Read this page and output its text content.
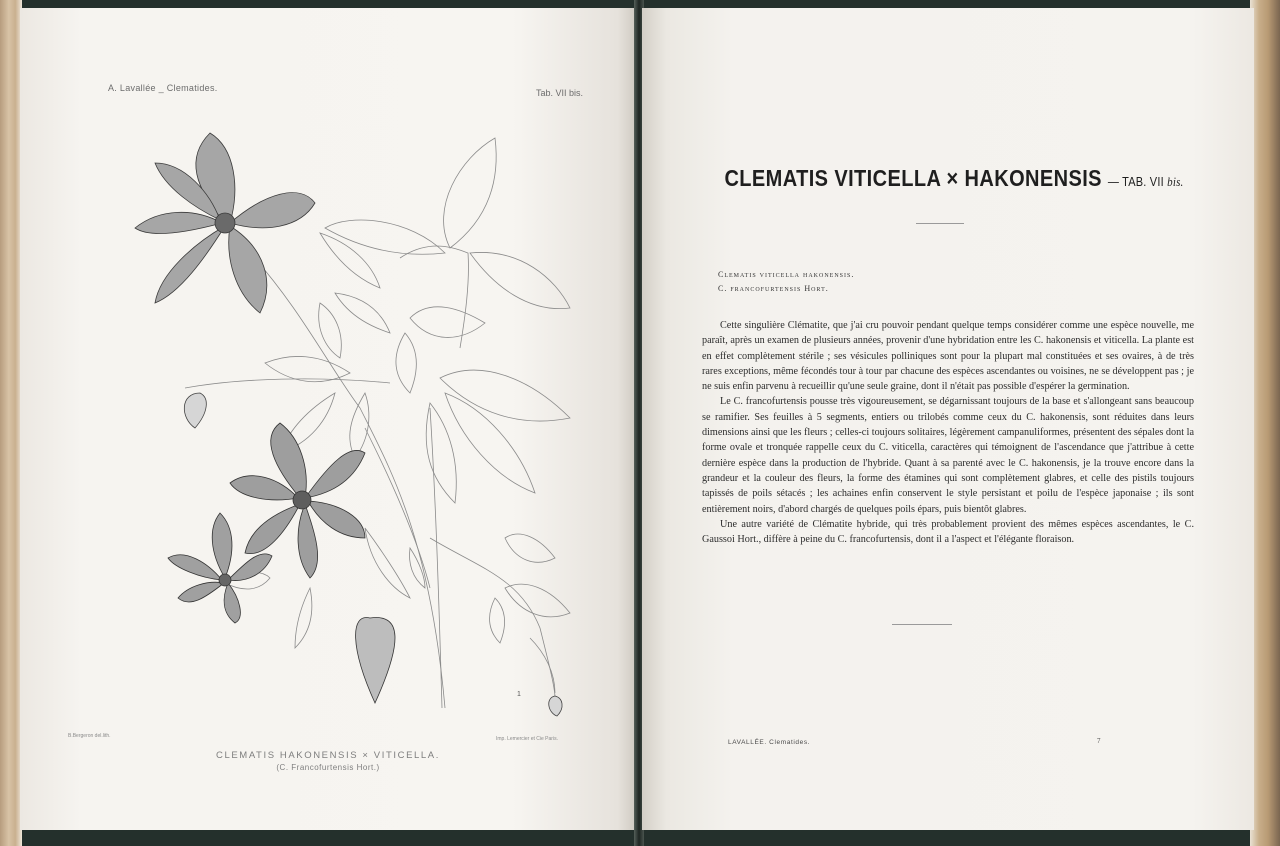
A. Lavallée _ Clematides.	Tab. VII bis.
1
B.Bergeron del.lith.	Imp. Lemercier et Cie Paris.
CLEMATIS HAKONENSIS × VITICELLA.
(C. Francofurtensis Hort.)
CLEMATIS VITICELLA × HAKONENSIS — TAB. VII bis.
Clematis viticella hakonensis.
C. francofurtensis Hort.

Cette singulière Clématite, que j'ai cru pouvoir pendant quelque temps considérer comme une espèce nouvelle, me paraît, après un examen de plusieurs années, provenir d'une hybridation entre les C. hakonensis et viticella. La plante est en effet complètement stérile ; ses vésicules polliniques sont pour la plupart mal constituées et ses ovaires, à de très rares exceptions, même fécondés tour à tour par chacune des espèces ascendantes ou voisines, ne se développent pas ; je ne suis enfin parvenu à recueillir qu'une seule graine, dont il n'était pas possible d'espérer la germination.

Le C. francofurtensis pousse très vigoureusement, se dégarnissant toujours de la base et s'allongeant sans beaucoup se ramifier. Ses feuilles à 5 segments, entiers ou trilobés comme ceux du C. hakonensis, sont réduites dans leurs dimensions ainsi que les fleurs ; celles-ci toujours solitaires, légèrement campanuliformes, présentent des sépales dont la forme ovale et tronquée rappelle ceux du C. viticella, caractères qui témoignent de l'ascendance que j'attribue à cette dernière espèce dans la production de l'hybride. Quant à sa parenté avec le C. hakonensis, je la trouve encore dans la grandeur et la couleur des fleurs, la forme des étamines qui sont complètement glabres, et celle des pistils toujours tapissés de poils sétacés ; les achaines enfin conservent le style persistant et poilu de l'espèce japonaise ; ils sont entièrement noirs, d'abord chargés de quelques poils épars, puis bientôt glabres.

Une autre variété de Clématite hybride, qui très probablement provient des mêmes espèces ascendantes, le C. Gaussoi Hort., diffère à peine du C. francofurtensis, dont il a l'aspect et l'élégante floraison.

LAVALLÉE. Clematides.	7
